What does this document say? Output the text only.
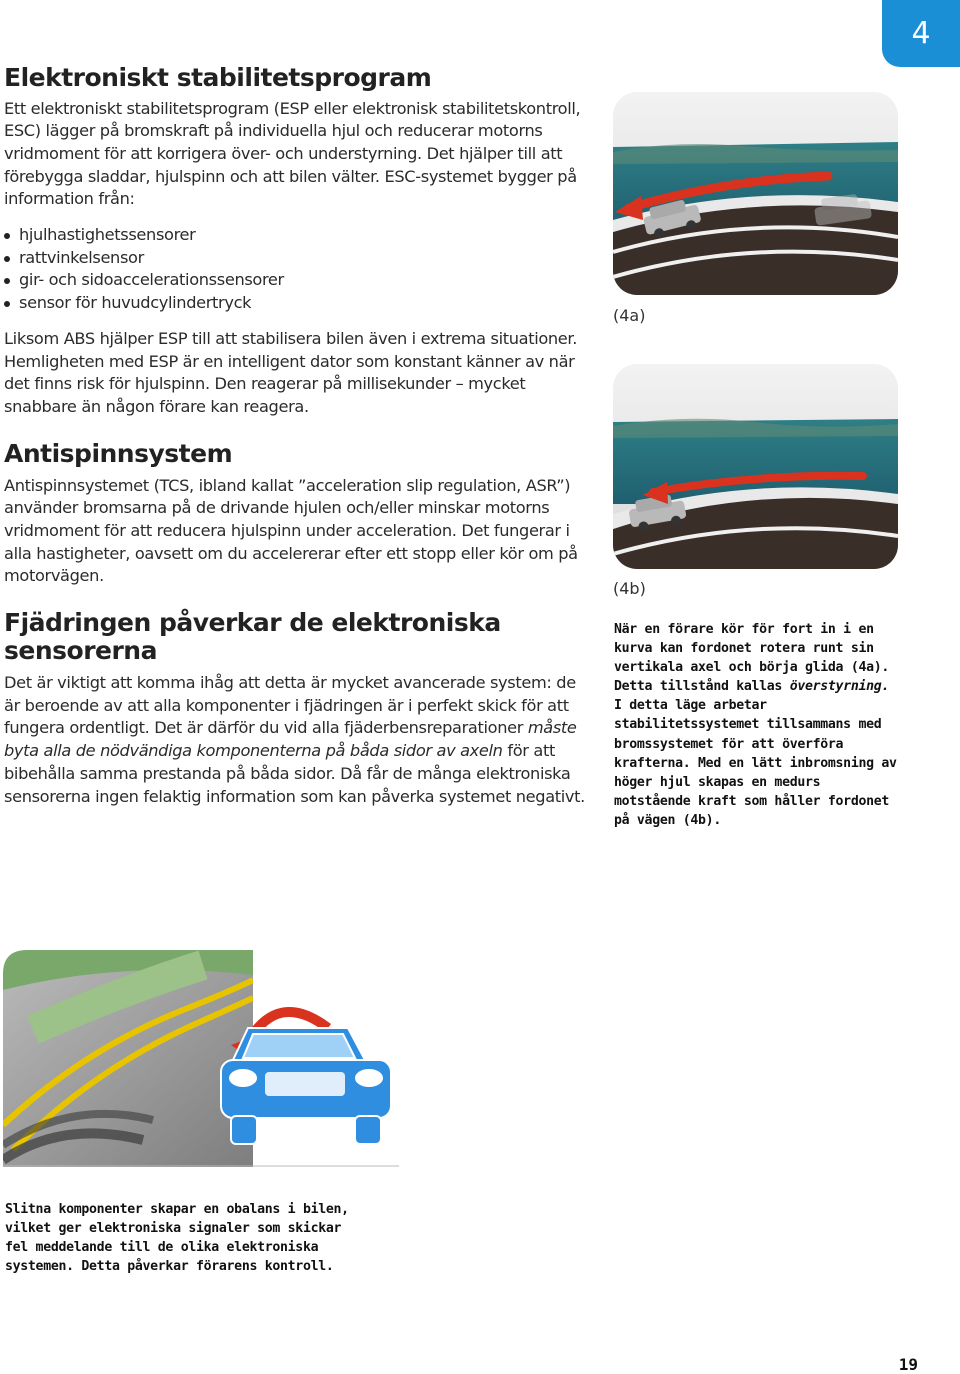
4
Elektroniskt stabilitetsprogram

Ett elektroniskt stabilitetsprogram (ESP eller elektronisk stabilitetskontroll, ESC) lägger på bromskraft på individuella hjul och reducerar motorns vridmoment för att korrigera över- och understyrning. Det hjälper till att förebygga sladdar, hjulspinn och att bilen välter. ESC-systemet bygger på information från:

hjulhastighetssensorer
rattvinkelsensor
gir- och sidoaccelerationssensorer
sensor för huvudcylindertryck

Liksom ABS hjälper ESP till att stabilisera bilen även i extrema situationer. Hemligheten med ESP är en intelligent dator som konstant känner av när det finns risk för hjulspinn. Den reagerar på millisekunder – mycket snabbare än någon förare kan reagera.

Antispinnsystem

Antispinnsystemet (TCS, ibland kallat ”acceleration slip regulation, ASR”) använder bromsarna på de drivande hjulen och/eller minskar motorns vridmoment för att reducera hjulspinn under acceleration. Det fungerar i alla hastigheter, oavsett om du accelererar efter ett stopp eller kör om på motorvägen.

Fjädringen påverkar de elektroniska sensorerna

Det är viktigt att komma ihåg att detta är mycket avancerade system: de är beroende av att alla komponenter i fjädringen är i perfekt skick för att fungera ordentligt. Det är därför du vid alla fjäderbensreparationer måste byta alla de nödvändiga komponenterna på båda sidor av axeln för att bibehålla samma prestanda på båda sidor. Då får de många elektroniska sensorerna ingen felaktig information som kan påverka systemet negativt.

(4a)
(4b)
När en förare kör för fort in i en kurva kan fordonet rotera runt sin vertikala axel och börja glida (4a). Detta tillstånd kallas överstyrning. I detta läge arbetar stabilitetssystemet tillsammans med bromssystemet för att överföra krafterna. Med en lätt inbromsning av höger hjul skapas en medurs motstående kraft som håller fordonet på vägen (4b).
Slitna komponenter skapar en obalans i bilen, vilket ger elektroniska signaler som skickar fel meddelande till de olika elektroniska systemen. Detta påverkar förarens kontroll.
19
